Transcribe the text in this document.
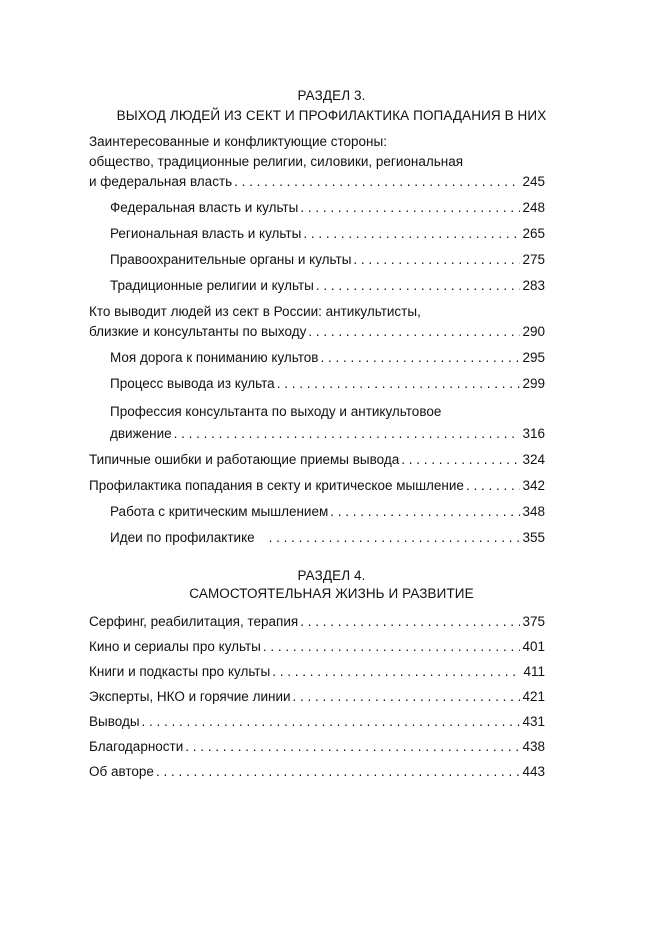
РАЗДЕЛ 3.
ВЫХОД ЛЮДЕЙ ИЗ СЕКТ И ПРОФИЛАКТИКА ПОПАДАНИЯ В НИХ
Заинтересованные и конфликтующие стороны:
общество, традиционные религии, силовики, региональная
и федеральная власть . . .	245
Федеральная власть и культы . . .	248
Региональная власть и культы . . .	265
Правоохранительные органы и культы . . .	275
Традиционные религии и культы . . .	283
Кто выводит людей из сект в России: антикультисты,
близкие и консультанты по выходу . . .	290
Моя дорога к пониманию культов . . .	295
Процесс вывода из культа . . .	299
Профессия консультанта по выходу и антикультовое
движение . . .	316
Типичные ошибки и работающие приемы вывода . . .	324
Профилактика попадания в секту и критическое мышление . . .	342
Работа с критическим мышлением . . .	348
Идеи по профилактике . . .	355
РАЗДЕЛ 4.
САМОСТОЯТЕЛЬНАЯ ЖИЗНЬ И РАЗВИТИЕ
Серфинг, реабилитация, терапия . . .	375
Кино и сериалы про культы . . .	401
Книги и подкасты про культы . . .	411
Эксперты, НКО и горячие линии . . .	421
Выводы . . .	431
Благодарности . . .	438
Об авторе . . .	443
